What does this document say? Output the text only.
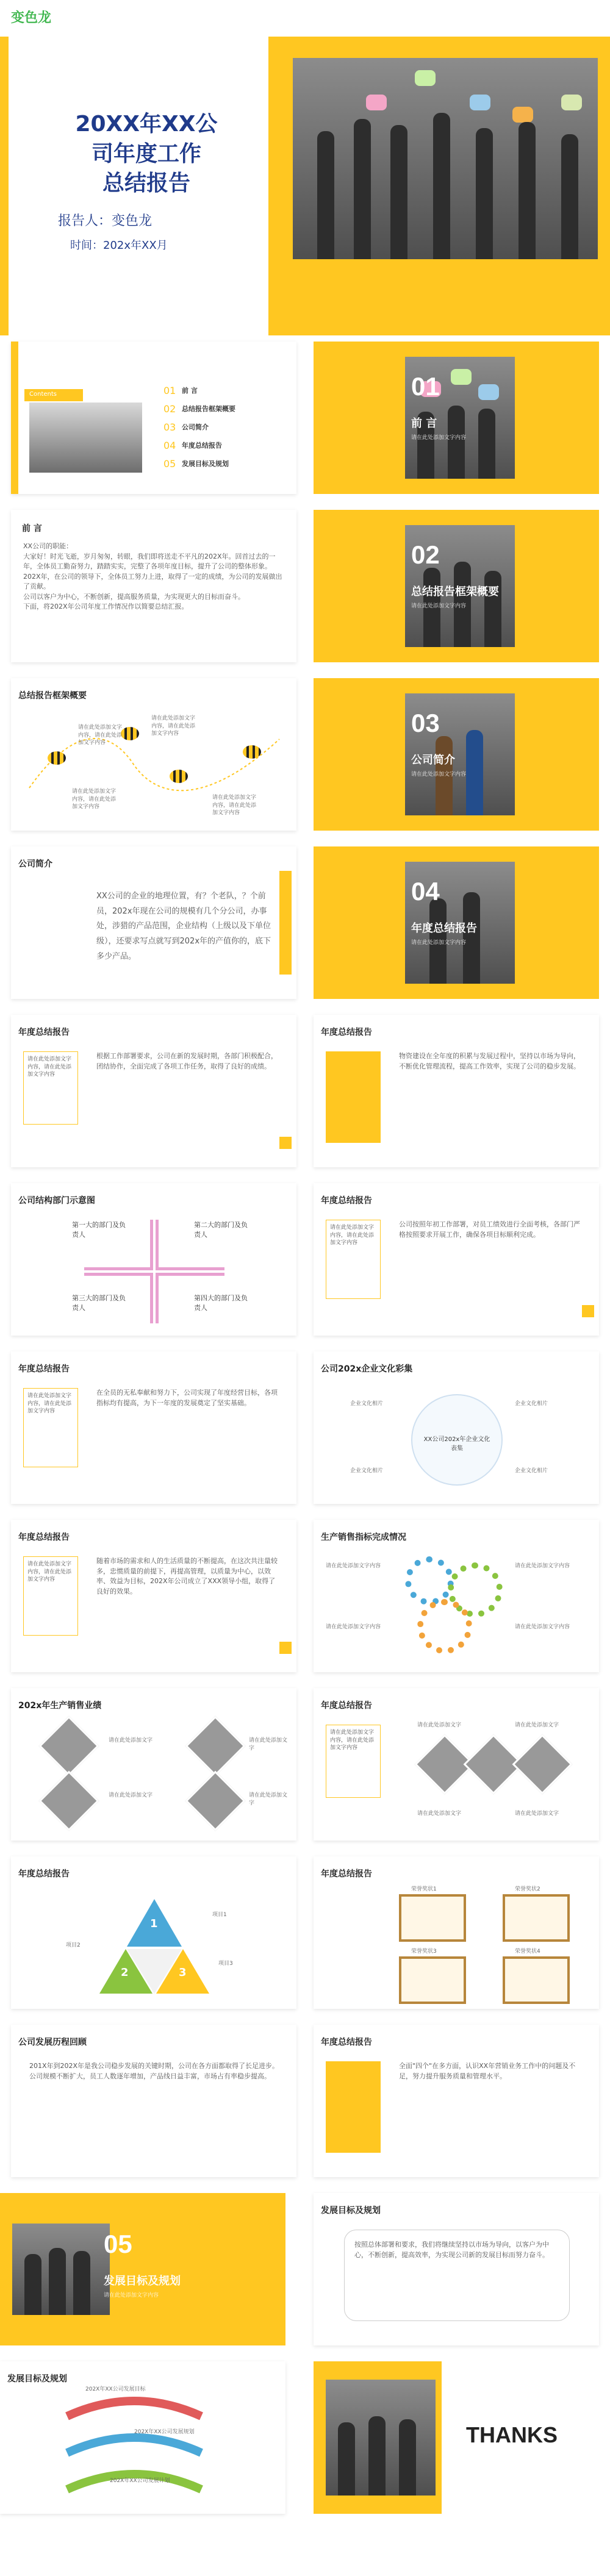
变色龙
20XX年XX公
司年度工作
总结报告
报告人：变色龙
时间：202x年XX月
Contents	01 前 言
02 总结报告框架概要
03 公司简介
04 年度总结报告
05 发展目标及规划
01
前 言
请在此处添加文字内容
前 言
XX公司的职能：
大家好！时光飞逝，岁月匆匆，转眼，我们即将送走不平凡的202X年。回首过去的一年，全体员工勤奋努力，踏踏实实，完整了各项年度目标，提升了公司的整体形象。
202X年，在公司的领导下，全体员工努力上进，取得了一定的成绩，为公司的发展做出了贡献。
公司以客户为中心，不断创新，提高服务质量，为实现更大的目标而奋斗。
下面，将202X年公司年度工作情况作以简要总结汇报。
02
总结报告框架概要
请在此处添加文字内容
总结报告框架概要
请在此处添加文字内容，请在此处添加文字内容
请在此处添加文字内容，请在此处添加文字内容
请在此处添加文字内容，请在此处添加文字内容
请在此处添加文字内容，请在此处添加文字内容
03
公司简介
请在此处添加文字内容
公司简介
XX公司的企业的地理位置，有？个老队，？个前员，202x年现在公司的规模有几个分公司，办事处，涉猎的产品范围，企业结构（上级以及下单位级），还要求写点就写到202x年的产值你的，底下多少产品。
04
年度总结报告
请在此处添加文字内容
年度总结报告
请在此处添加文字内容，请在此处添加文字内容
根据工作部署要求，公司在新的发展时期，各部门积极配合，团结协作，全面完成了各项工作任务，取得了良好的成绩。
年度总结报告
物资建设在全年度的积累与发展过程中，坚持以市场为导向，不断优化管理流程，提高工作效率，实现了公司的稳步发展。
公司结构部门示意图
第一大的部门及负责人
第二大的部门及负责人
第三大的部门及负责人
第四大的部门及负责人
年度总结报告
请在此处添加文字内容，请在此处添加文字内容
公司按照年初工作部署，对员工绩效进行全面考核，各部门严格按照要求开展工作，确保各项目标顺利完成。
年度总结报告
请在此处添加文字内容，请在此处添加文字内容
在全员的无私奉献和努力下，公司实现了年度经营目标，各项指标均有提高，为下一年度的发展奠定了坚实基础。
公司202x企业文化彩集
XX公司202x年企业文化表集
企业文化相片	企业文化相片
企业文化相片	企业文化相片
年度总结报告
请在此处添加文字内容，请在此处添加文字内容
随着市场的需求和人的生活质量的不断提高，在这次共注量较多，忠惯质量的前提下，再提高管理，以质量为中心，以效率、效益为目标，202X年公司成立了XXX领导小组，取得了良好的效果。
生产销售指标完成情况
请在此处添加文字内容	请在此处添加文字内容
请在此处添加文字内容	请在此处添加文字内容
202x年生产销售业绩
请在此处添加文字
请在此处添加文字
请在此处添加文字
请在此处添加文字
年度总结报告
请在此处添加文字内容，请在此处添加文字内容
请在此处添加文字	请在此处添加文字
请在此处添加文字	请在此处添加文字
年度总结报告
1
2	3
项目1
项目2
项目3
年度总结报告
荣誉奖状1	荣誉奖状2
荣誉奖状3	荣誉奖状4
公司发展历程回顾
201X年到202X年是我公司稳步发展的关键时期，公司在各方面都取得了长足进步。公司规模不断扩大，员工人数逐年增加，产品线日益丰富，市场占有率稳步提高。
年度总结报告
全面"四个"在多方面，认识XX年营销业务工作中的问题及不足，努力提升服务质量和管理水平。
05
发展目标及规划
请在此处添加文字内容
发展目标及规划
按照总体部署和要求，我们将继续坚持以市场为导向，以客户为中心，不断创新，提高效率，为实现公司新的发展目标而努力奋斗。
发展目标及规划
202X年XX公司发展目标
202X年XX公司发展规划
202X年XX公司发展计划
THANKS
